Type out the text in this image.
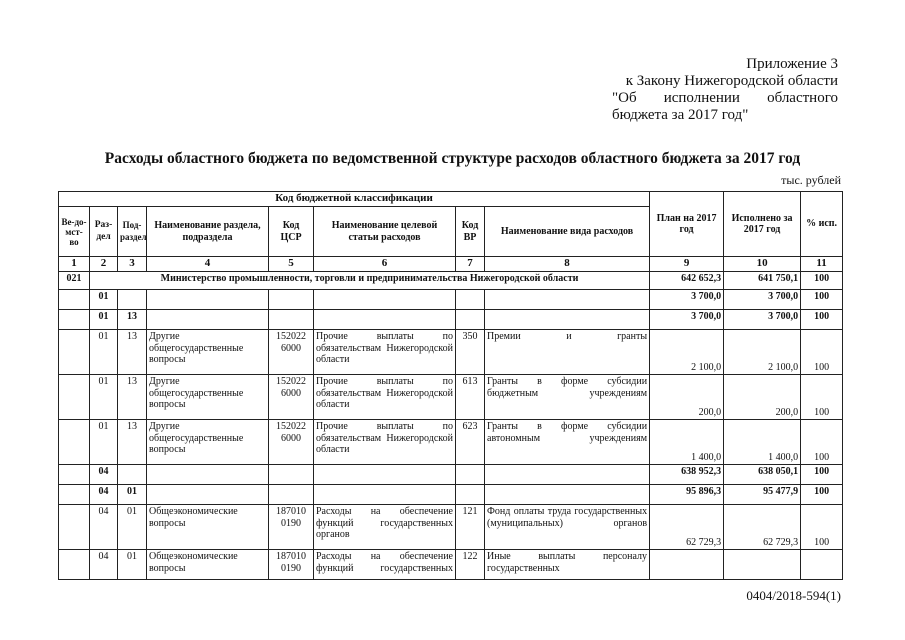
Приложение 3
к Закону Нижегородской области
"Об исполнении областного
бюджета за 2017 год"
Расходы областного бюджета по ведомственной структуре расходов областного бюджета за 2017 год
тыс. рублей
Код бюджетной классификации								План на 2017 год	Исполнено за 2017 год	% исп.
Ве-до-мст-во	Раз-дел	Под-раздел	Наименование раздела, подраздела	Код ЦСР	Наименование целевой статьи расходов	Код ВР	Наименование вида расходов			
1	2	3	4	5	6	7	8	9	10	11
021	Министерство промышленности, торговли и предпринимательства Нижегородской области							642 652,3	641 750,1	100
	01							3 700,0	3 700,0	100
	01	13						3 700,0	3 700,0	100
	01	13	Другие общегосударственные вопросы	152022 6000	Прочие выплаты по обязательствам Нижегородской области	350	Премии и гранты	2 100,0	2 100,0	100
	01	13	Другие общегосударственные вопросы	152022 6000	Прочие выплаты по обязательствам Нижегородской области	613	Гранты в форме субсидии бюджетным учреждениям	200,0	200,0	100
	01	13	Другие общегосударственные вопросы	152022 6000	Прочие выплаты по обязательствам Нижегородской области	623	Гранты в форме субсидии автономным учреждениям	1 400,0	1 400,0	100
	04							638 952,3	638 050,1	100
	04	01						95 896,3	95 477,9	100
	04	01	Общеэкономические вопросы	187010 0190	Расходы на обеспечение функций государственных органов	121	Фонд оплаты труда государственных (муниципальных) органов	62 729,3	62 729,3	100
	04	01	Общеэкономические вопросы	187010 0190	Расходы на обеспечение функций государственных	122	Иные выплаты персоналу государственных			
0404/2018-594(1)
